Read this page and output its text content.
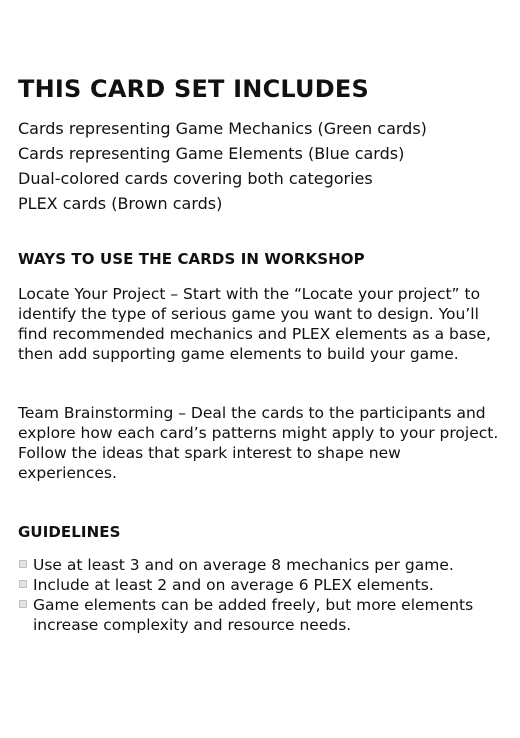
THIS CARD SET INCLUDES
Cards representing Game Mechanics (Green cards)
Cards representing Game Elements (Blue cards)
Dual-colored cards covering both categories
PLEX cards (Brown cards)
WAYS TO USE THE CARDS IN WORKSHOP

Locate Your Project – Start with the “Locate your project” to identify the type of serious game you want to design. You’ll find recommended mechanics and PLEX elements as a base, then add supporting game elements to build your game.

Team Brainstorming – Deal the cards to the participants and explore how each card’s patterns might apply to your project. Follow the ideas that spark interest to shape new experiences.

GUIDELINES
Use at least 3 and on average 8 mechanics per game.
Include at least 2 and on average 6 PLEX elements.
Game elements can be added freely, but more elements increase complexity and resource needs.
